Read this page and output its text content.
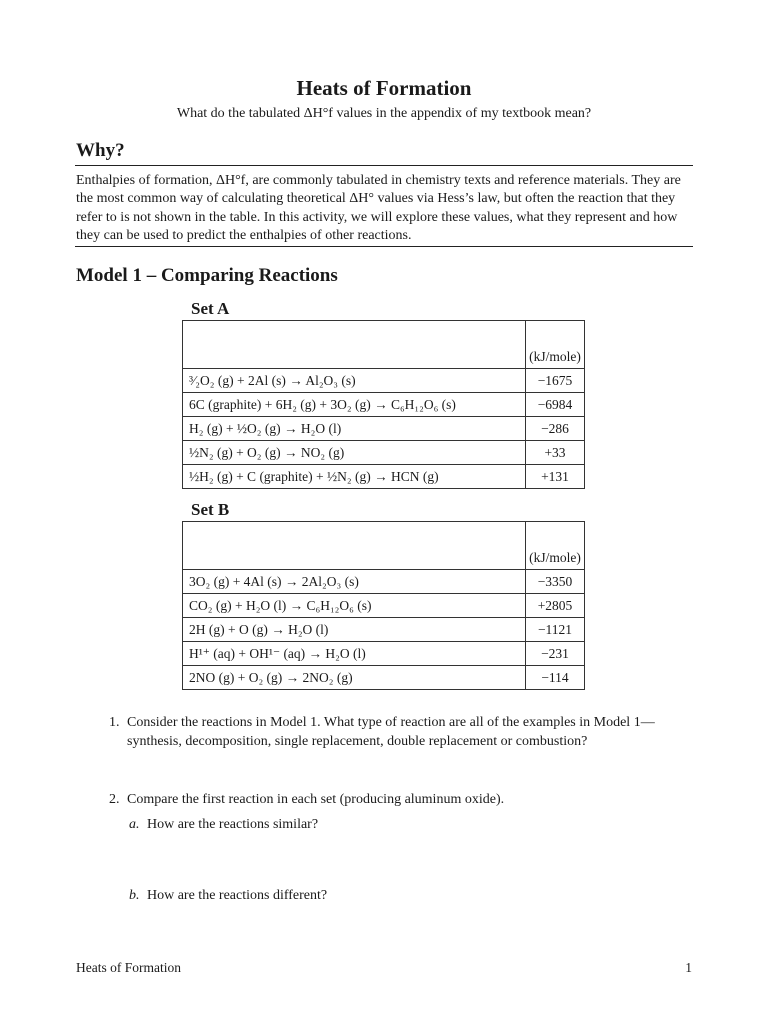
Heats of Formation
What do the tabulated ΔH°f values in the appendix of my textbook mean?
Why?
Enthalpies of formation, ΔH°f, are commonly tabulated in chemistry texts and reference materials. They are the most common way of calculating theoretical ΔH° values via Hess’s law, but often the reaction that they refer to is not shown in the table. In this activity, we will explore these values, what they represent and how they can be used to predict the enthalpies of other reactions.
Model 1 – Comparing Reactions
Set A
	(kJ/mole)
³⁄₂O₂ (g) + 2Al (s) → Al₂O₃ (s)	−1675
6C (graphite) + 6H₂ (g) + 3O₂ (g) → C₆H₁₂O₆ (s)	−6984
H₂ (g) + ½O₂ (g) → H₂O (l)	−286
½N₂ (g) + O₂ (g) → NO₂ (g)	+33
½H₂ (g) + C (graphite) + ½N₂ (g) → HCN (g)	+131
Set B
	(kJ/mole)
3O₂ (g) + 4Al (s) → 2Al₂O₃ (s)	−3350
CO₂ (g) + H₂O (l) → C₆H₁₂O₆ (s)	+2805
2H (g) + O (g) → H₂O (l)	−1121
H¹⁺ (aq) + OH¹⁻ (aq) → H₂O (l)	−231
2NO (g) + O₂ (g) → 2NO₂ (g)	−114
1. Consider the reactions in Model 1. What type of reaction are all of the examples in Model 1— synthesis, decomposition, single replacement, double replacement or combustion?
2. Compare the first reaction in each set (producing aluminum oxide).
a. How are the reactions similar?
b. How are the reactions different?
Heats of Formation	1
